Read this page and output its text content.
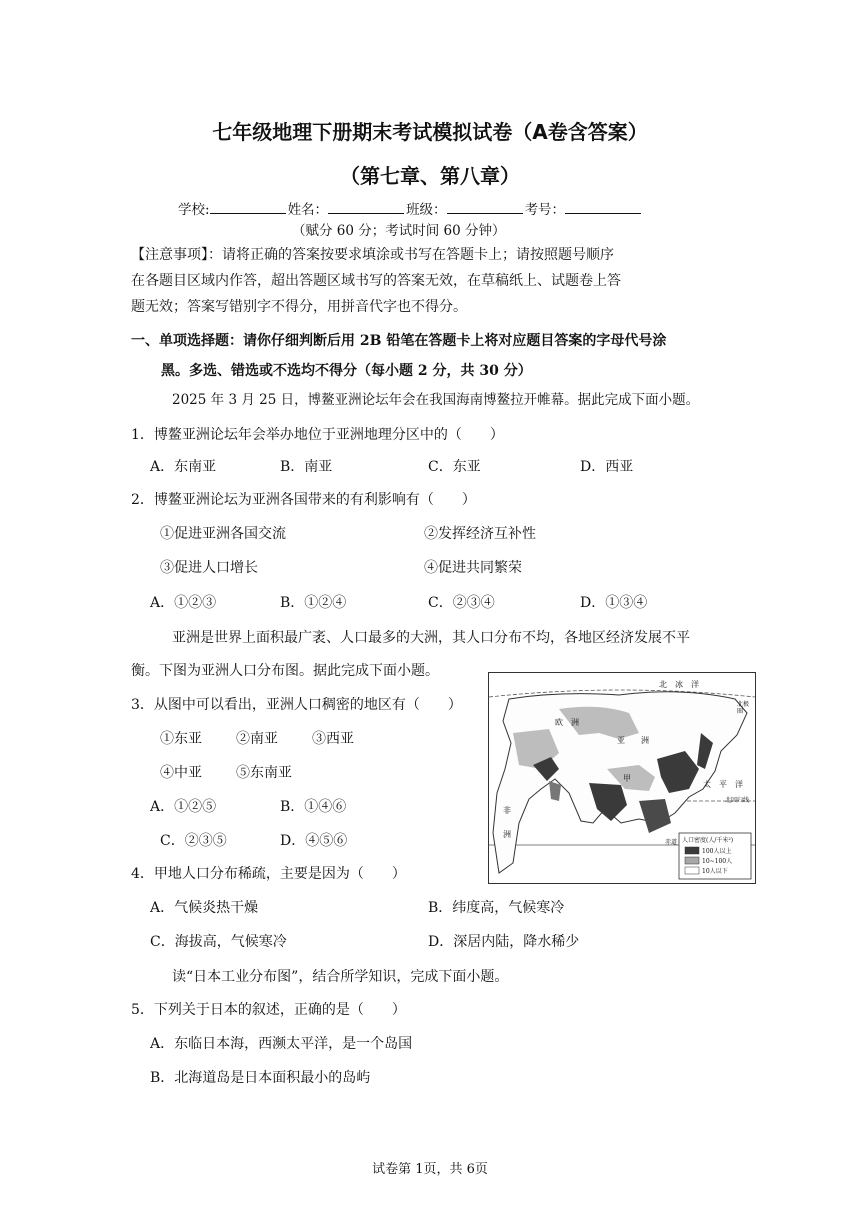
七年级地理下册期末考试模拟试卷（A卷含答案）
（第七章、第八章）
学校:	姓名：	班级：	考号：
（赋分 60 分；考试时间 60 分钟）
【注意事项】：请将正确的答案按要求填涂或书写在答题卡上；请按照题号顺序
在各题目区域内作答，超出答题区域书写的答案无效，在草稿纸上、试题卷上答
题无效；答案写错别字不得分，用拼音代字也不得分。
一、单项选择题：请你仔细判断后用 2B 铅笔在答题卡上将对应题目答案的字母代号涂
黑。多选、错选或不选均不得分（每小题 2 分，共 30 分）
2025 年 3 月 25 日，博鳌亚洲论坛年会在我国海南博鳌拉开帷幕。据此完成下面小题。
1．博鳌亚洲论坛年会举办地位于亚洲地理分区中的（　　）
A．东南亚	B．南亚	C．东亚	D．西亚
2．博鳌亚洲论坛为亚洲各国带来的有利影响有（　　）
①促进亚洲各国交流	②发挥经济互补性
③促进人口增长	④促进共同繁荣
A．①②③	B．①②④	C．②③④	D．①③④
亚洲是世界上面积最广袤、人口最多的大洲，其人口分布不均，各地区经济发展不平
衡。下图为亚洲人口分布图。据此完成下面小题。
3．从图中可以看出，亚洲人口稠密的地区有（　　）
①东亚 ②南亚 ③西亚
④中亚 ⑤东南亚
A．①②⑤	B．①④⑥
C．②③⑤	D．④⑤⑥
北　冰　洋
欧　洲
亚　　洲
太　平　洋
非
洲
甲
赤道
北回归线
北极圈
人口密度(人/千米²)
100人以上
10~100人
10人以下
4．甲地人口分布稀疏，主要是因为（　　）
A．气候炎热干燥	B．纬度高，气候寒冷
C．海拔高，气候寒冷	D．深居内陆，降水稀少
读“日本工业分布图”，结合所学知识，完成下面小题。
5．下列关于日本的叙述，正确的是（　　）
A．东临日本海，西濒太平洋，是一个岛国
B．北海道岛是日本面积最小的岛屿
试卷第 1页，共 6页
